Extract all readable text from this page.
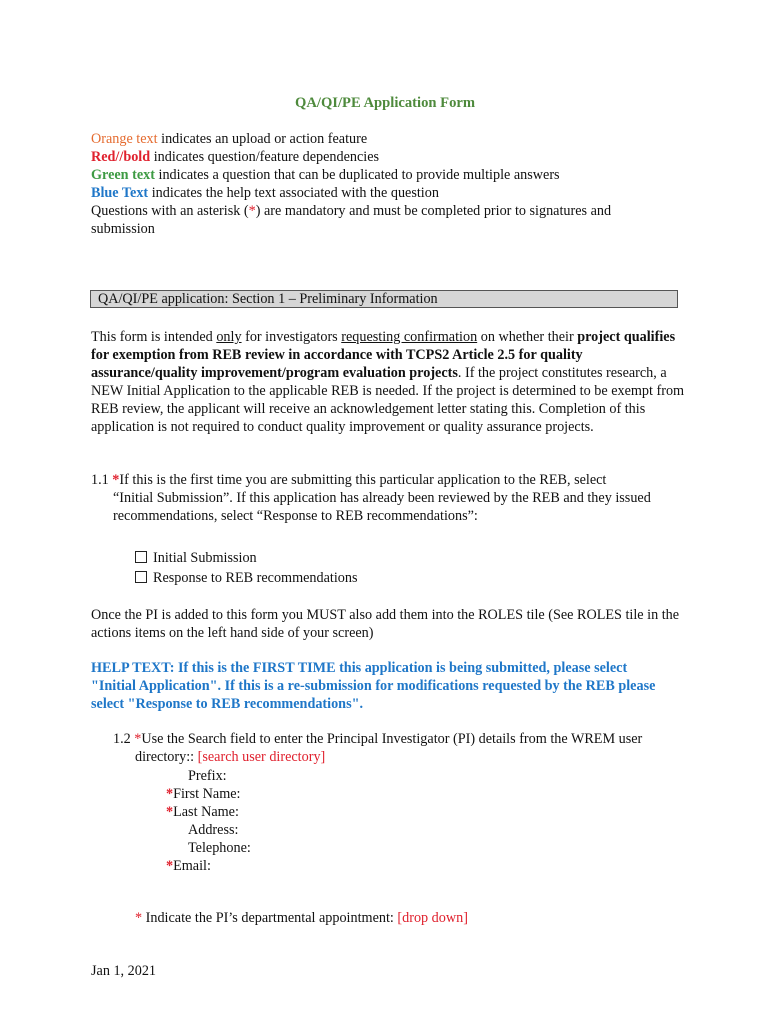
QA/QI/PE Application Form
Orange text indicates an upload or action feature
Red//bold indicates question/feature dependencies
Green text indicates a question that can be duplicated to provide multiple answers
Blue Text indicates the help text associated with the question
Questions with an asterisk (*) are mandatory and must be completed prior to signatures and submission
QA/QI/PE application: Section 1 – Preliminary Information
This form is intended only for investigators requesting confirmation on whether their project qualifies for exemption from REB review in accordance with TCPS2 Article 2.5 for quality assurance/quality improvement/program evaluation projects. If the project constitutes research, a NEW Initial Application to the applicable REB is needed. If the project is determined to be exempt from REB review, the applicant will receive an acknowledgement letter stating this. Completion of this application is not required to conduct quality improvement or quality assurance projects.
1.1 *If this is the first time you are submitting this particular application to the REB, select
“Initial Submission”. If this application has already been reviewed by the REB and they issued recommendations, select “Response to REB recommendations”:
Initial Submission
Response to REB recommendations
Once the PI is added to this form you MUST also add them into the ROLES tile (See ROLES tile in the actions items on the left hand side of your screen)
HELP TEXT: If this is the FIRST TIME this application is being submitted, please select "Initial Application". If this is a re-submission for modifications requested by the REB please select "Response to REB recommendations".
1.2 *Use the Search field to enter the Principal Investigator (PI) details from the WREM user
directory:: [search user directory]
Prefix:
*First Name:
*Last Name:
Address:
Telephone:
*Email:
* Indicate the PI’s departmental appointment: [drop down]
Jan 1, 2021
